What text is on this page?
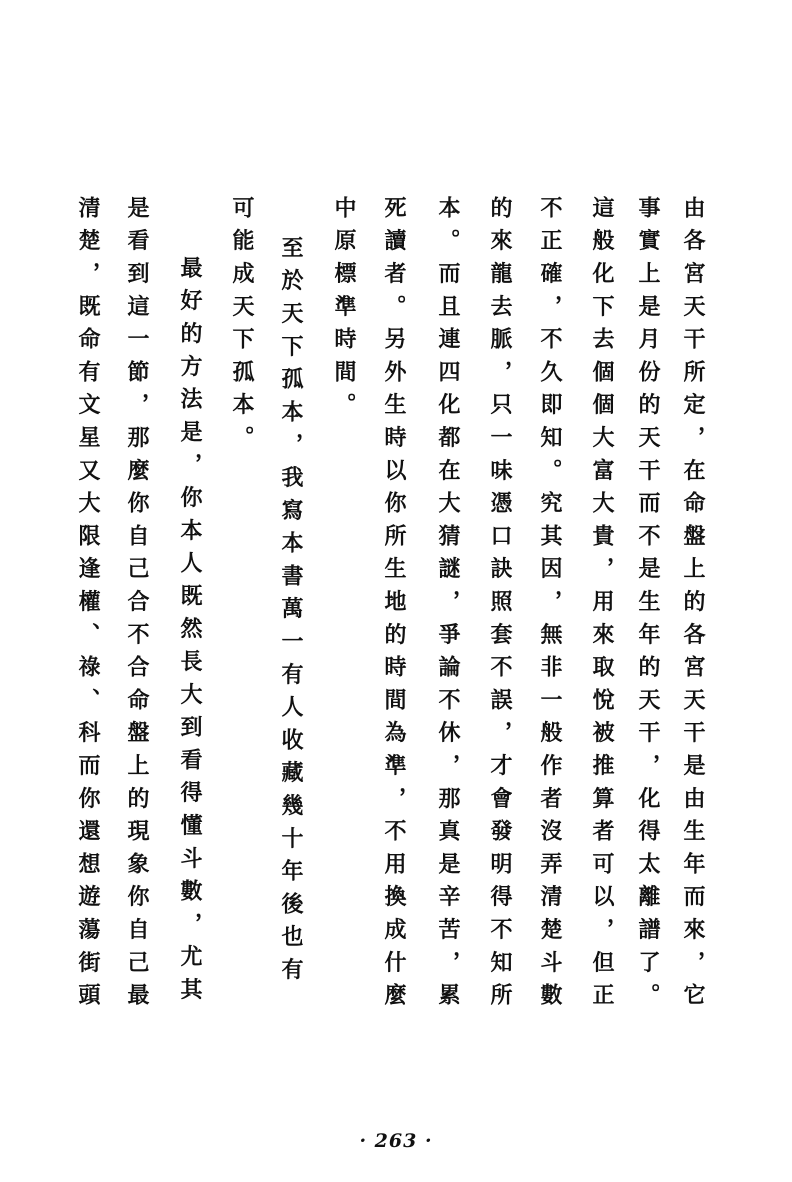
由各宮天干所定，在命盤上的各宮天干是由生年而來，它

事實上是月份的天干而不是生年的天干，化得太離譜了。

這般化下去個個大富大貴，用來取悅被推算者可以，但正

不正確，不久即知。究其因，無非一般作者沒弄清楚斗數

的來龍去脈，只一味憑口訣照套不誤，才會發明得不知所

本。而且連四化都在大猜謎，爭論不休，那真是辛苦，累

死讀者。另外生時以你所生地的時間為準，不用換成什麼

中原標準時間。

至於天下孤本，我寫本書萬一有人收藏幾十年後也有

可能成天下孤本。

最好的方法是，你本人既然長大到看得懂斗數，尤其

是看到這一節，那麼你自己合不合命盤上的現象你自己最

清楚，既命有文星又大限逢權、祿、科而你還想遊蕩街頭

· 263 ·
